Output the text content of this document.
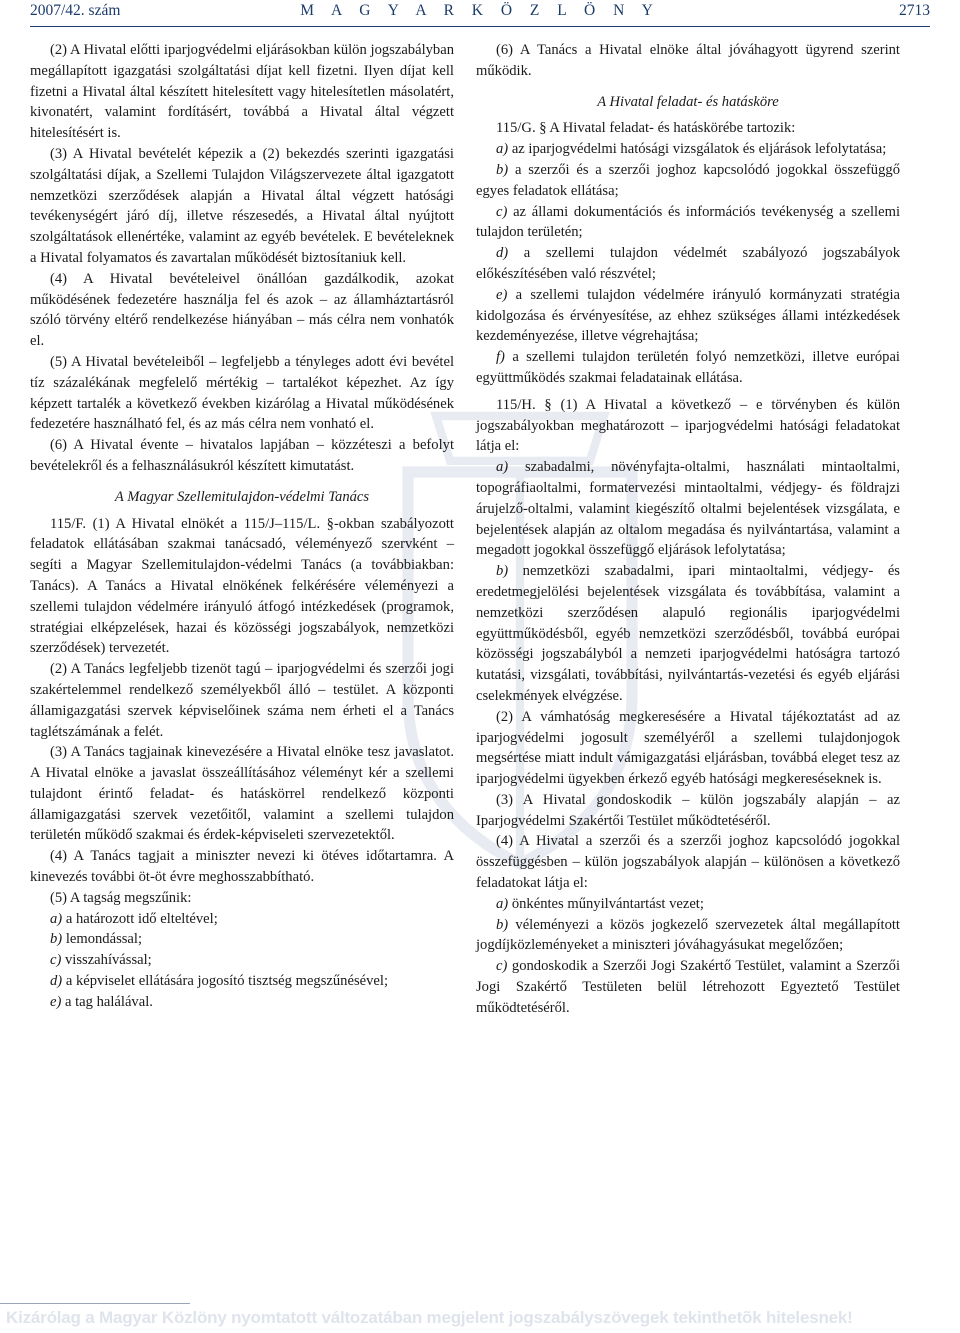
2007/42. szám	M A G Y A R K Ö Z L Ö N Y	2713

(2) A Hivatal előtti iparjogvédelmi eljárásokban külön jogszabályban megállapított igazgatási szolgáltatási díjat kell fizetni. Ilyen díjat kell fizetni a Hivatal által készített hitelesített vagy hitelesítetlen másolatért, kivonatért, valamint fordításért, továbbá a Hivatal által végzett hitelesítésért is.

(3) A Hivatal bevételét képezik a (2) bekezdés szerinti igazgatási szolgáltatási díjak, a Szellemi Tulajdon Világszervezete által igazgatott nemzetközi szerződések alapján a Hivatal által végzett hatósági tevékenységért járó díj, illetve részesedés, a Hivatal által nyújtott szolgáltatások ellenértéke, valamint az egyéb bevételek. E bevételeknek a Hivatal folyamatos és zavartalan működését biztosítaniuk kell.

(4) A Hivatal bevételeivel önállóan gazdálkodik, azokat működésének fedezetére használja fel és azok – az államháztartásról szóló törvény eltérő rendelkezése hiányában – más célra nem vonhatók el.

(5) A Hivatal bevételeiből – legfeljebb a tényleges adott évi bevétel tíz százalékának megfelelő mértékig – tartalékot képezhet. Az így képzett tartalék a következő években kizárólag a Hivatal működésének fedezetére használható fel, és az más célra nem vonható el.

(6) A Hivatal évente – hivatalos lapjában – közzéteszi a befolyt bevételekről és a felhasználásukról készített kimutatást.

A Magyar Szellemitulajdon-védelmi Tanács

115/F. (1) A Hivatal elnökét a 115/J–115/L. §-okban szabályozott feladatok ellátásában szakmai tanácsadó, véleményező szervként – segíti a Magyar Szellemitulajdon-védelmi Tanács (a továbbiakban: Tanács). A Tanács a Hivatal elnökének felkérésére véleményezi a szellemi tulajdon védelmére irányuló átfogó intézkedések (programok, stratégiai elképzelések, hazai és közösségi jogszabályok, nemzetközi szerződések) tervezetét.

(2) A Tanács legfeljebb tizenöt tagú – iparjogvédelmi és szerzői jogi szakértelemmel rendelkező személyekből álló – testület. A központi államigazgatási szervek képviselőinek száma nem érheti el a Tanács taglétszámának a felét.

(3) A Tanács tagjainak kinevezésére a Hivatal elnöke tesz javaslatot. A Hivatal elnöke a javaslat összeállításához véleményt kér a szellemi tulajdont érintő feladat- és hatáskörrel rendelkező központi államigazgatási szervek vezetőitől, valamint a szellemi tulajdon területén működő szakmai és érdek-képviseleti szervezetektől.

(4) A Tanács tagjait a miniszter nevezi ki ötéves időtartamra. A kinevezés további öt-öt évre meghosszabbítható.

(5) A tagság megszűnik:

a) a határozott idő elteltével;

b) lemondással;

c) visszahívással;

d) a képviselet ellátására jogosító tisztség megszűnésével;

e) a tag halálával.

(6) A Tanács a Hivatal elnöke által jóváhagyott ügyrend szerint működik.

A Hivatal feladat- és hatásköre

115/G. § A Hivatal feladat- és hatáskörébe tartozik:

a) az iparjogvédelmi hatósági vizsgálatok és eljárások lefolytatása;

b) a szerzői és a szerzői joghoz kapcsolódó jogokkal összefüggő egyes feladatok ellátása;

c) az állami dokumentációs és információs tevékenység a szellemi tulajdon területén;

d) a szellemi tulajdon védelmét szabályozó jogszabályok előkészítésében való részvétel;

e) a szellemi tulajdon védelmére irányuló kormányzati stratégia kidolgozása és érvényesítése, az ehhez szükséges állami intézkedések kezdeményezése, illetve végrehajtása;

f) a szellemi tulajdon területén folyó nemzetközi, illetve európai együttműködés szakmai feladatainak ellátása.

115/H. § (1) A Hivatal a következő – e törvényben és külön jogszabályokban meghatározott – iparjogvédelmi hatósági feladatokat látja el:

a) szabadalmi, növényfajta-oltalmi, használati mintaoltalmi, topográfiaoltalmi, formatervezési mintaoltalmi, védjegy- és földrajzi árujelző-oltalmi, valamint kiegészítő oltalmi bejelentések vizsgálata, e bejelentések alapján az oltalom megadása és nyilvántartása, valamint a megadott jogokkal összefüggő eljárások lefolytatása;

b) nemzetközi szabadalmi, ipari mintaoltalmi, védjegy- és eredetmegjelölési bejelentések vizsgálata és továbbítása, valamint a nemzetközi szerződésen alapuló regionális iparjogvédelmi együttműködésből, egyéb nemzetközi szerződésből, továbbá európai közösségi jogszabályból a nemzeti iparjogvédelmi hatóságra tartozó kutatási, vizsgálati, továbbítási, nyilvántartás-vezetési és egyéb eljárási cselekmények elvégzése.

(2) A vámhatóság megkeresésére a Hivatal tájékoztatást ad az iparjogvédelmi jogosult személyéről a szellemi tulajdonjogok megsértése miatt indult vámigazgatási eljárásban, továbbá eleget tesz az iparjogvédelmi ügyekben érkező egyéb hatósági megkereséseknek is.

(3) A Hivatal gondoskodik – külön jogszabály alapján – az Iparjogvédelmi Szakértői Testület működtetéséről.

(4) A Hivatal a szerzői és a szerzői joghoz kapcsolódó jogokkal összefüggésben – külön jogszabályok alapján – különösen a következő feladatokat látja el:

a) önkéntes műnyilvántartást vezet;

b) véleményezi a közös jogkezelő szervezetek által megállapított jogdíjközleményeket a miniszteri jóváhagyásukat megelőzően;

c) gondoskodik a Szerzői Jogi Szakértő Testület, valamint a Szerzői Jogi Szakértő Testületen belül létrehozott Egyeztető Testület működtetéséről.

Kizárólag a Magyar Közlöny nyomtatott változatában megjelent jogszabályszövegek tekinthetõk hitelesnek!
